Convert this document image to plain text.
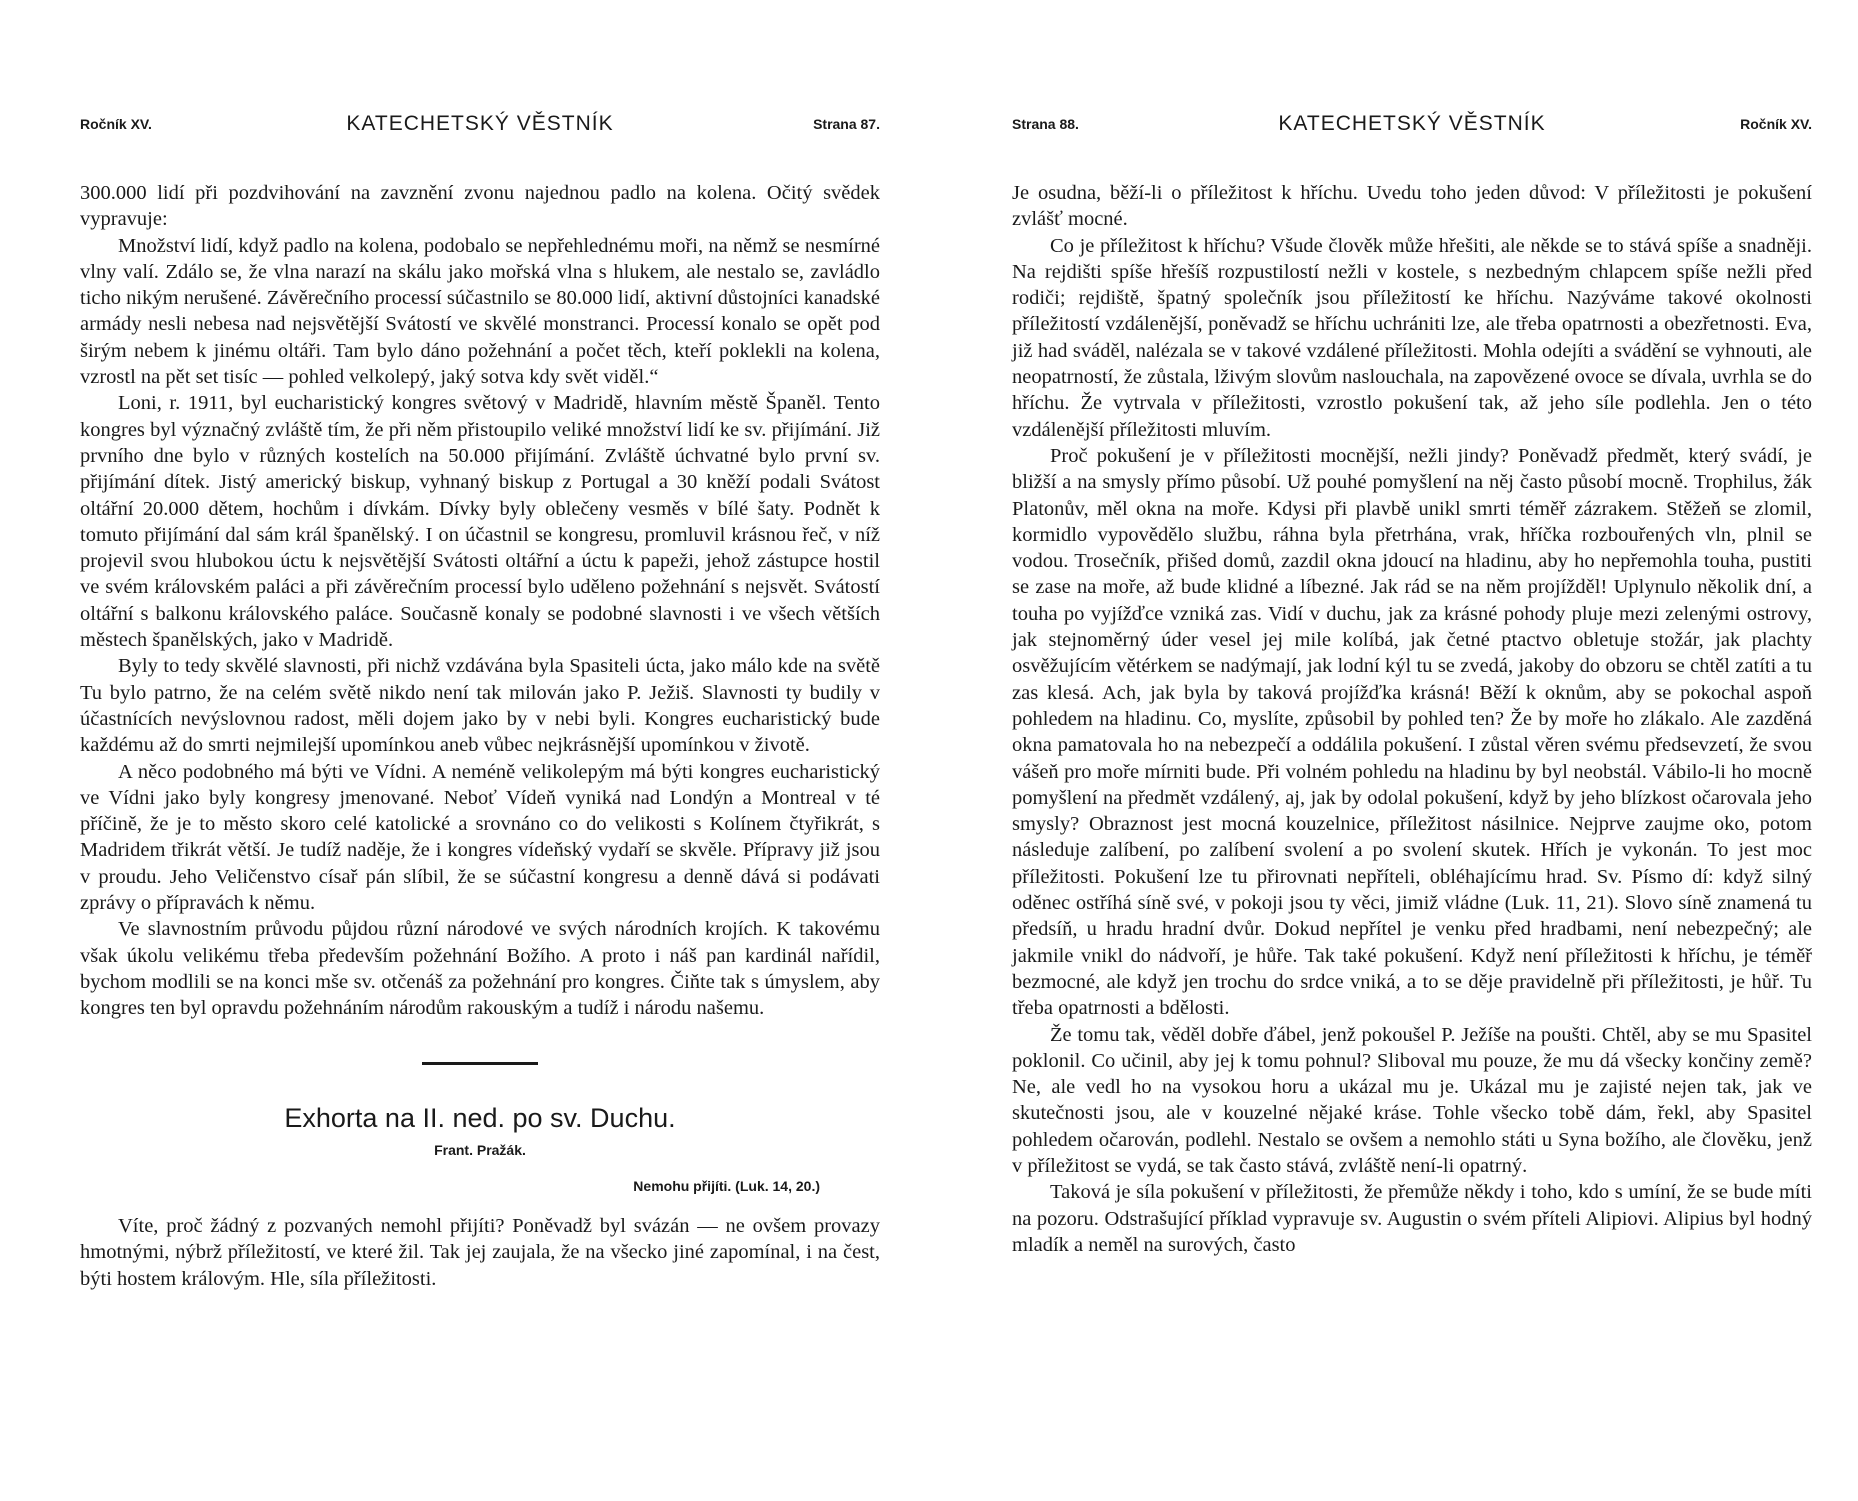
Ročník XV.	KATECHETSKÝ VĚSTNÍK	Strana 87.

300.000 lidí při pozdvihování na zavznění zvonu najednou padlo na kolena. Očitý svědek vypravuje:

Množství lidí, když padlo na kolena, podobalo se nepřehlednému moři, na němž se nesmírné vlny valí. Zdálo se, že vlna narazí na skálu jako mořská vlna s hlukem, ale nestalo se, zavládlo ticho nikým nerušené. Závěrečního processí súčastnilo se 80.000 lidí, aktivní důstojníci kanadské armády nesli nebesa nad nejsvětější Svátostí ve skvělé monstranci. Processí konalo se opět pod širým nebem k jinému oltáři. Tam bylo dáno požehnání a počet těch, kteří poklekli na kolena, vzrostl na pět set tisíc — pohled velkolepý, jaký sotva kdy svět viděl.“

Loni, r. 1911, byl eucharistický kongres světový v Madridě, hlavním městě Španěl. Tento kongres byl význačný zvláště tím, že při něm přistoupilo veliké množství lidí ke sv. přijímání. Již prvního dne bylo v různých kostelích na 50.000 přijímání. Zvláště úchvatné bylo první sv. přijímání dítek. Jistý americký biskup, vyhnaný biskup z Portugal a 30 kněží podali Svátost oltářní 20.000 dětem, hochům i dívkám. Dívky byly oblečeny vesměs v bílé šaty. Podnět k tomuto přijímání dal sám král španělský. I on účastnil se kongresu, promluvil krásnou řeč, v níž projevil svou hlubokou úctu k nejsvětější Svátosti oltářní a úctu k papeži, jehož zástupce hostil ve svém královském paláci a při závěrečním processí bylo uděleno požehnání s nejsvět. Svátostí oltářní s balkonu královského paláce. Současně konaly se podobné slavnosti i ve všech větších městech španělských, jako v Madridě.

Byly to tedy skvělé slavnosti, při nichž vzdávána byla Spasiteli úcta, jako málo kde na světě Tu bylo patrno, že na celém světě nikdo není tak milován jako P. Ježiš. Slavnosti ty budily v účastnících nevýslovnou radost, měli dojem jako by v nebi byli. Kongres eucharistický bude každému až do smrti nejmilejší upomínkou aneb vůbec nejkrásnější upomínkou v životě.

A něco podobného má býti ve Vídni. A neméně velikolepým má býti kongres eucharistický ve Vídni jako byly kongresy jmenované. Neboť Vídeň vyniká nad Londýn a Montreal v té příčině, že je to město skoro celé katolické a srovnáno co do velikosti s Kolínem čtyřikrát, s Madridem třikrát větší. Je tudíž naděje, že i kongres vídeňský vydaří se skvěle. Přípravy již jsou v proudu. Jeho Veličenstvo císař pán slíbil, že se súčastní kongresu a denně dává si podávati zprávy o přípravách k němu.

Ve slavnostním průvodu půjdou různí národové ve svých národních krojích. K takovému však úkolu velikému třeba především požehnání Božího. A proto i náš pan kardinál nařídil, bychom modlili se na konci mše sv. otčenáš za požehnání pro kongres. Čiňte tak s úmyslem, aby kongres ten byl opravdu požehnáním národům rakouským a tudíž i národu našemu.

Exhorta na II. ned. po sv. Duchu.
Frant. Pražák.
Nemohu přijíti. (Luk. 14, 20.)

Víte, proč žádný z pozvaných nemohl přijíti? Poněvadž byl svázán — ne ovšem provazy hmotnými, nýbrž příležitostí, ve které žil. Tak jej zaujala, že na všecko jiné zapomínal, i na čest, býti hostem královým. Hle, síla příležitosti.

Strana 88.	KATECHETSKÝ VĚSTNÍK	Ročník XV.

Je osudna, běží-li o příležitost k hříchu. Uvedu toho jeden důvod: V příležitosti je pokušení zvlášť mocné.

Co je příležitost k hříchu? Všude člověk může hřešiti, ale někde se to stává spíše a snadněji. Na rejdišti spíše hřešíš rozpustilostí nežli v kostele, s nezbedným chlapcem spíše nežli před rodiči; rejdiště, špatný společník jsou příležitostí ke hříchu. Nazýváme takové okolnosti příležitostí vzdálenější, poněvadž se hříchu uchrániti lze, ale třeba opatrnosti a obezřetnosti. Eva, již had sváděl, nalézala se v takové vzdálené příležitosti. Mohla odejíti a svádění se vyhnouti, ale neopatrností, že zůstala, lživým slovům naslouchala, na zapovězené ovoce se dívala, uvrhla se do hříchu. Že vytrvala v příležitosti, vzrostlo pokušení tak, až jeho síle podlehla. Jen o této vzdálenější příležitosti mluvím.

Proč pokušení je v příležitosti mocnější, nežli jindy? Poněvadž předmět, který svádí, je bližší a na smysly přímo působí. Už pouhé pomyšlení na něj často působí mocně. Trophilus, žák Platonův, měl okna na moře. Kdysi při plavbě unikl smrti téměř zázrakem. Stěžeň se zlomil, kormidlo vypovědělo službu, ráhna byla přetrhána, vrak, hříčka rozbouřených vln, plnil se vodou. Trosečník, přišed domů, zazdil okna jdoucí na hladinu, aby ho nepřemohla touha, pustiti se zase na moře, až bude klidné a líbezné. Jak rád se na něm projížděl! Uplynulo několik dní, a touha po vyjížďce vzniká zas. Vidí v duchu, jak za krásné pohody pluje mezi zelenými ostrovy, jak stejnoměrný úder vesel jej mile kolíbá, jak četné ptactvo obletuje stožár, jak plachty osvěžujícím větérkem se nadýmají, jak lodní kýl tu se zvedá, jakoby do obzoru se chtěl zatíti a tu zas klesá. Ach, jak byla by taková projížďka krásná! Běží k oknům, aby se pokochal aspoň pohledem na hladinu. Co, myslíte, způsobil by pohled ten? Že by moře ho zlákalo. Ale zazděná okna pamatovala ho na nebezpečí a oddálila pokušení. I zůstal věren svému předsevzetí, že svou vášeň pro moře mírniti bude. Při volném pohledu na hladinu by byl neobstál. Vábilo-li ho mocně pomyšlení na předmět vzdálený, aj, jak by odolal pokušení, když by jeho blízkost očarovala jeho smysly? Obraznost jest mocná kouzelnice, příležitost násilnice. Nejprve zaujme oko, potom následuje zalíbení, po zalíbení svolení a po svolení skutek. Hřích je vykonán. To jest moc příležitosti. Pokušení lze tu přirovnati nepříteli, obléhajícímu hrad. Sv. Písmo dí: když silný oděnec ostříhá síně své, v pokoji jsou ty věci, jimiž vládne (Luk. 11, 21). Slovo síně znamená tu předsíň, u hradu hradní dvůr. Dokud nepřítel je venku před hradbami, není nebezpečný; ale jakmile vnikl do nádvoří, je hůře. Tak také pokušení. Když není příležitosti k hříchu, je téměř bezmocné, ale když jen trochu do srdce vniká, a to se děje pravidelně při příležitosti, je hůř. Tu třeba opatrnosti a bdělosti.

Že tomu tak, věděl dobře ďábel, jenž pokoušel P. Ježíše na poušti. Chtěl, aby se mu Spasitel poklonil. Co učinil, aby jej k tomu pohnul? Sliboval mu pouze, že mu dá všecky končiny země? Ne, ale vedl ho na vysokou horu a ukázal mu je. Ukázal mu je zajisté nejen tak, jak ve skutečnosti jsou, ale v kouzelné nějaké kráse. Tohle všecko tobě dám, řekl, aby Spasitel pohledem očarován, podlehl. Nestalo se ovšem a nemohlo státi u Syna božího, ale člověku, jenž v příležitost se vydá, se tak často stává, zvláště není-li opatrný.

Taková je síla pokušení v příležitosti, že přemůže někdy i toho, kdo s umíní, že se bude míti na pozoru. Odstrašující příklad vypravuje sv. Augustin o svém příteli Alipiovi. Alipius byl hodný mladík a neměl na surových, často
